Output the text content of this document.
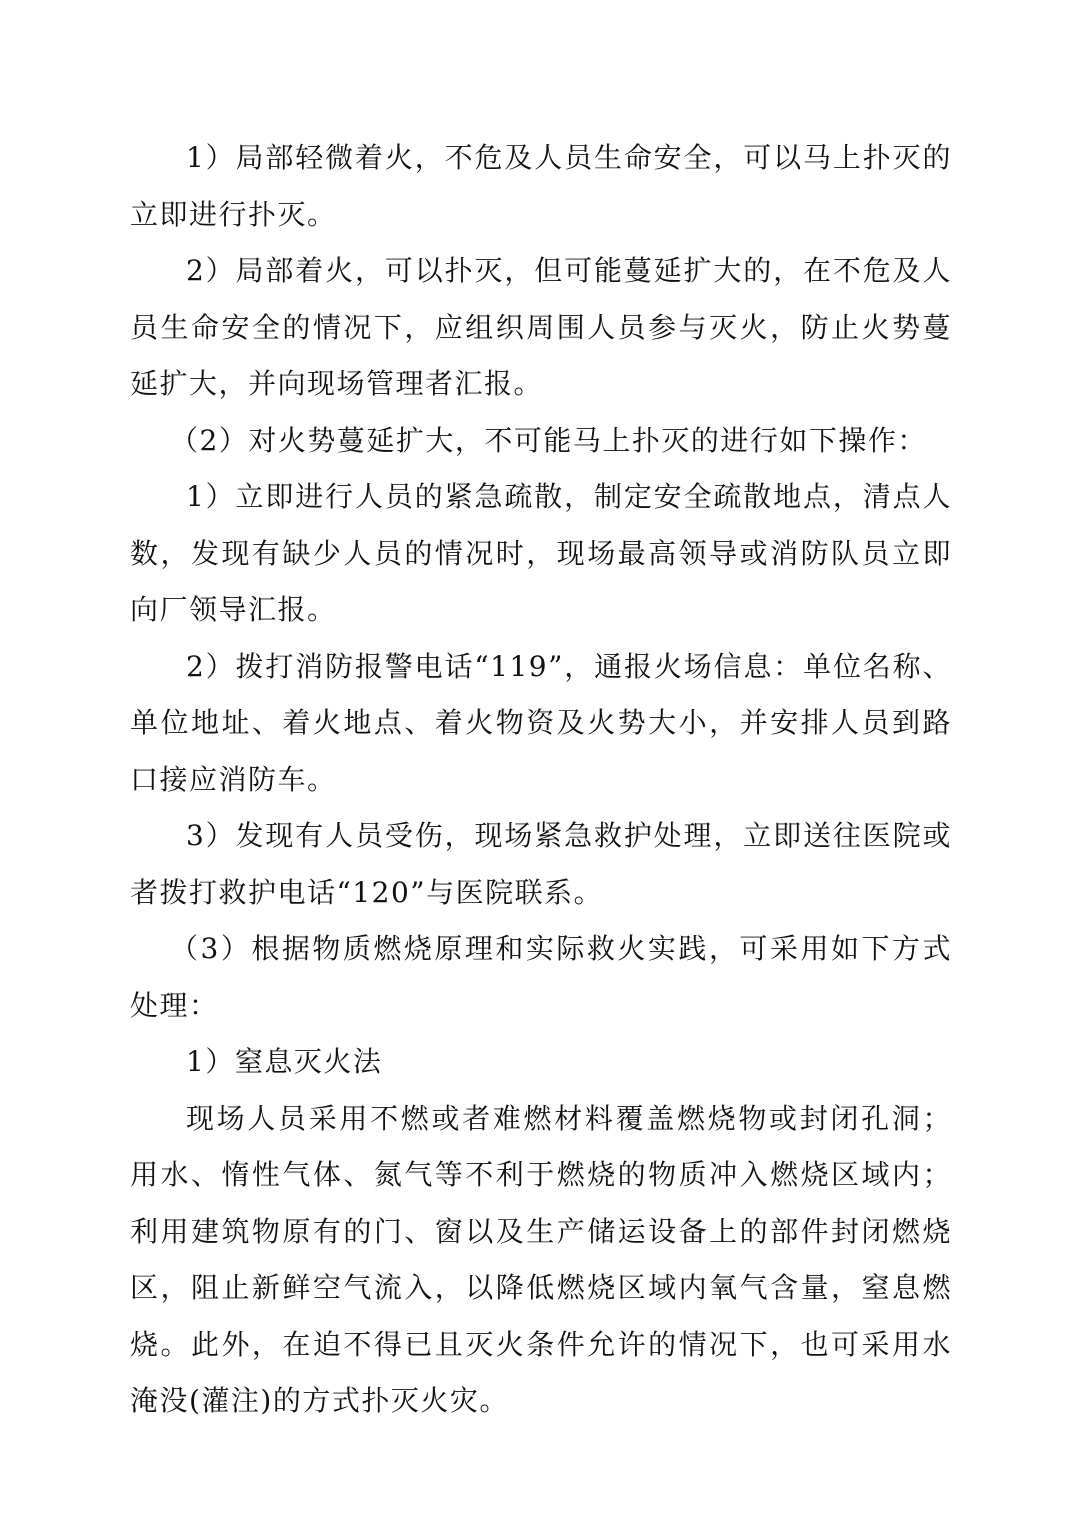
1）局部轻微着火，不危及人员生命安全，可以马上扑灭的立即进行扑灭。

2）局部着火，可以扑灭，但可能蔓延扩大的，在不危及人员生命安全的情况下，应组织周围人员参与灭火，防止火势蔓延扩大，并向现场管理者汇报。

（2）对火势蔓延扩大，不可能马上扑灭的进行如下操作：

1）立即进行人员的紧急疏散，制定安全疏散地点，清点人数，发现有缺少人员的情况时，现场最高领导或消防队员立即向厂领导汇报。

2）拨打消防报警电话“119”，通报火场信息：单位名称、单位地址、着火地点、着火物资及火势大小，并安排人员到路口接应消防车。

3）发现有人员受伤，现场紧急救护处理，立即送往医院或者拨打救护电话“120”与医院联系。

（3）根据物质燃烧原理和实际救火实践，可采用如下方式处理：

1）窒息灭火法

现场人员采用不燃或者难燃材料覆盖燃烧物或封闭孔洞；用水、惰性气体、氮气等不利于燃烧的物质冲入燃烧区域内；利用建筑物原有的门、窗以及生产储运设备上的部件封闭燃烧区，阻止新鲜空气流入，以降低燃烧区域内氧气含量，窒息燃烧。此外，在迫不得已且灭火条件允许的情况下，也可采用水淹没(灌注)的方式扑灭火灾。
